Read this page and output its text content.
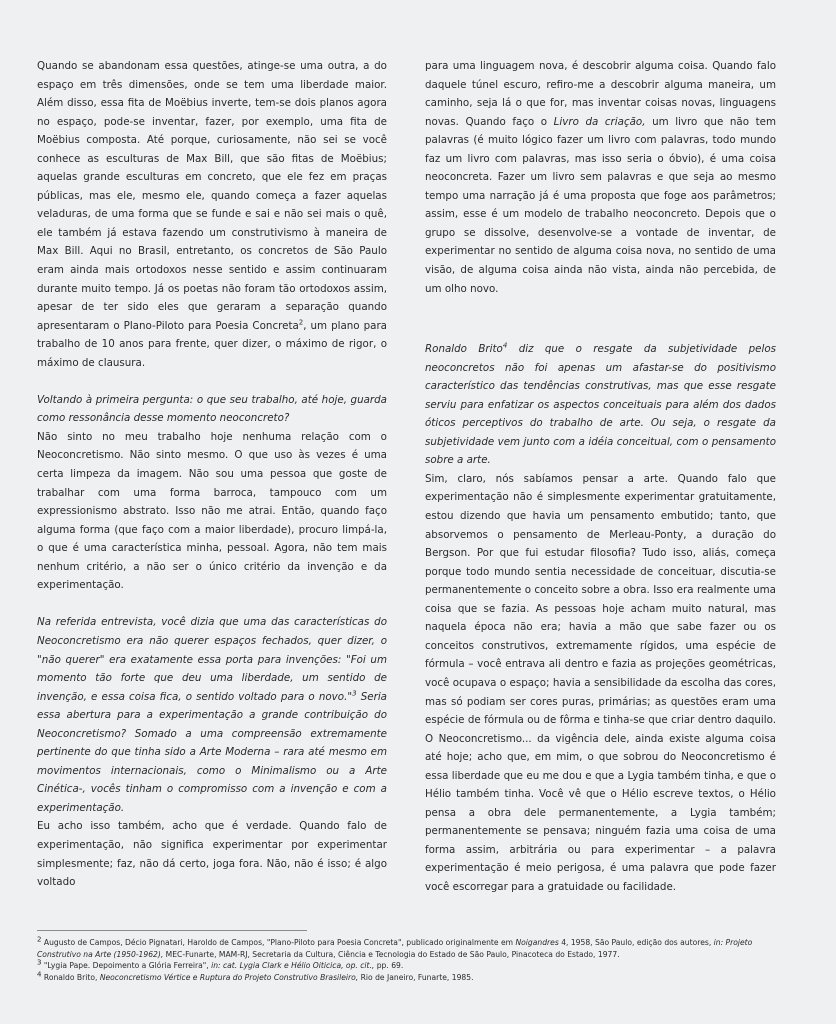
Quando se abandonam essa questões, atinge-se uma outra, a do espaço em três dimensões, onde se tem uma liberdade maior. Além disso, essa fita de Moëbius inverte, tem-se dois planos agora no espaço, pode-se inventar, fazer, por exemplo, uma fita de Moëbius composta. Até porque, curiosamente, não sei se você conhece as esculturas de Max Bill, que são fitas de Moëbius; aquelas grande esculturas em concreto, que ele fez em praças públicas, mas ele, mesmo ele, quando começa a fazer aquelas veladuras, de uma forma que se funde e sai e não sei mais o quê, ele também já estava fazendo um construtivismo à maneira de Max Bill. Aqui no Brasil, entretanto, os concretos de São Paulo eram ainda mais ortodoxos nesse sentido e assim continuaram durante muito tempo. Já os poetas não foram tão ortodoxos assim, apesar de ter sido eles que geraram a separação quando apresentaram o Plano-Piloto para Poesia Concreta$^2$, um plano para trabalho de 10 anos para frente, quer dizer, o máximo de rigor, o máximo de clausura.

Voltando à primeira pergunta: o que seu trabalho, até hoje, guarda como ressonância desse momento neoconcreto?

Não sinto no meu trabalho hoje nenhuma relação com o Neoconcretismo. Não sinto mesmo. O que uso às vezes é uma certa limpeza da imagem. Não sou uma pessoa que goste de trabalhar com uma forma barroca, tampouco com um expressionismo abstrato. Isso não me atrai. Então, quando faço alguma forma (que faço com a maior liberdade), procuro limpá-la, o que é uma característica minha, pessoal. Agora, não tem mais nenhum critério, a não ser o único critério da invenção e da experimentação.

Na referida entrevista, você dizia que uma das características do Neoconcretismo era não querer espaços fechados, quer dizer, o "não querer" era exatamente essa porta para invenções: "Foi um momento tão forte que deu uma liberdade, um sentido de invenção, e essa coisa fica, o sentido voltado para o novo."$^3$ Seria essa abertura para a experimentação a grande contribuição do Neoconcretismo? Somado a uma compreensão extremamente pertinente do que tinha sido a Arte Moderna – rara até mesmo em movimentos internacionais, como o Minimalismo ou a Arte Cinética-, vocês tinham o compromisso com a invenção e com a experimentação.

Eu acho isso também, acho que é verdade. Quando falo de experimentação, não significa experimentar por experimentar simplesmente; faz, não dá certo, joga fora. Não, não é isso; é algo voltado

para uma linguagem nova, é descobrir alguma coisa. Quando falo daquele túnel escuro, refiro-me a descobrir alguma maneira, um caminho, seja lá o que for, mas inventar coisas novas, linguagens novas. Quando faço o Livro da criação, um livro que não tem palavras (é muito lógico fazer um livro com palavras, todo mundo faz um livro com palavras, mas isso seria o óbvio), é uma coisa neoconcreta. Fazer um livro sem palavras e que seja ao mesmo tempo uma narração já é uma proposta que foge aos parâmetros; assim, esse é um modelo de trabalho neoconcreto. Depois que o grupo se dissolve, desenvolve-se a vontade de inventar, de experimentar no sentido de alguma coisa nova, no sentido de uma visão, de alguma coisa ainda não vista, ainda não percebida, de um olho novo.

Ronaldo Brito$^4$ diz que o resgate da subjetividade pelos neoconcretos não foi apenas um afastar-se do positivismo característico das tendências construtivas, mas que esse resgate serviu para enfatizar os aspectos conceituais para além dos dados óticos perceptivos do trabalho de arte. Ou seja, o resgate da subjetividade vem junto com a idéia conceitual, com o pensamento sobre a arte.

Sim, claro, nós sabíamos pensar a arte. Quando falo que experimentação não é simplesmente experimentar gratuitamente, estou dizendo que havia um pensamento embutido; tanto, que absorvemos o pensamento de Merleau-Ponty, a duração do Bergson. Por que fui estudar filosofia? Tudo isso, aliás, começa porque todo mundo sentia necessidade de conceituar, discutia-se permanentemente o conceito sobre a obra. Isso era realmente uma coisa que se fazia. As pessoas hoje acham muito natural, mas naquela época não era; havia a mão que sabe fazer ou os conceitos construtivos, extremamente rígidos, uma espécie de fórmula – você entrava ali dentro e fazia as projeções geométricas, você ocupava o espaço; havia a sensibilidade da escolha das cores, mas só podiam ser cores puras, primárias; as questões eram uma espécie de fórmula ou de fôrma e tinha-se que criar dentro daquilo. O Neoconcretismo... da vigência dele, ainda existe alguma coisa até hoje; acho que, em mim, o que sobrou do Neoconcretismo é essa liberdade que eu me dou e que a Lygia também tinha, e que o Hélio também tinha. Você vê que o Hélio escreve textos, o Hélio pensa a obra dele permanentemente, a Lygia também; permanentemente se pensava; ninguém fazia uma coisa de uma forma assim, arbitrária ou para experimentar – a palavra experimentação é meio perigosa, é uma palavra que pode fazer você escorregar para a gratuidade ou facilidade.

$^2$ Augusto de Campos, Décio Pignatari, Haroldo de Campos, "Plano-Piloto para Poesia Concreta", publicado originalmente em Noigandres 4, 1958, São Paulo, edição dos autores, in: Projeto Construtivo na Arte (1950-1962), MEC-Funarte, MAM-RJ, Secretaria da Cultura, Ciência e Tecnologia do Estado de São Paulo, Pinacoteca do Estado, 1977.

$^3$ "Lygia Pape. Depoimento a Glória Ferreira", in: cat. Lygia Clark e Hélio Oiticica, op. cit., pp. 69.

$^4$ Ronaldo Brito, Neoconcretismo Vértice e Ruptura do Projeto Construtivo Brasileiro, Rio de Janeiro, Funarte, 1985.
